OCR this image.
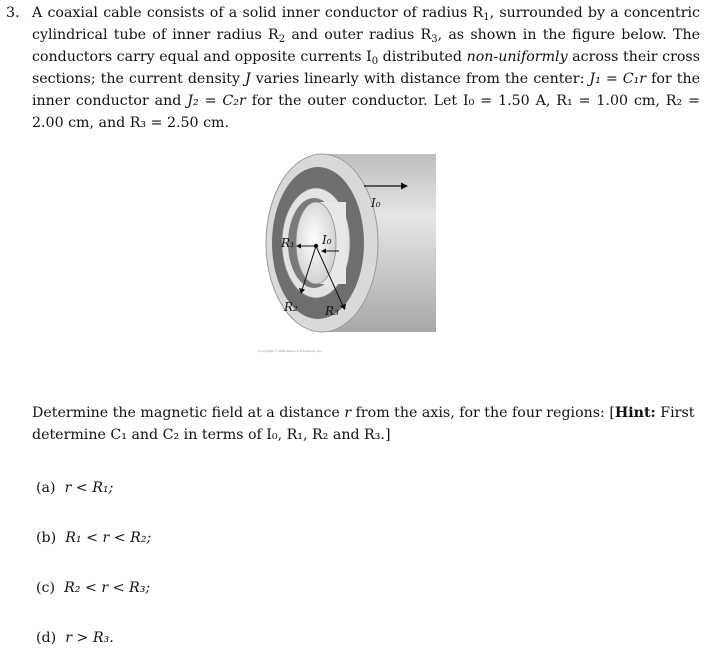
3. A coaxial cable consists of a solid inner conductor of radius $R_1$, surrounded by a concentric cylindrical tube of inner radius $R_2$ and outer radius $R_3$, as shown in the figure below. The conductors carry equal and opposite currents $I_0$ distributed non-uniformly across their cross sections; the current density J varies linearly with distance from the center: J₁ = C₁r for the inner conductor and J₂ = C₂r for the outer conductor. Let I₀ = 1.50 A, R₁ = 1.00 cm, R₂ = 2.00 cm, and R₃ = 2.50 cm.
I₀
I₀
R₁
R₂ R₃
Copyright © 2004 Pearson Education, Inc.
Determine the magnetic field at a distance r from the axis, for the four regions: [Hint: First determine C₁ and C₂ in terms of I₀, R₁, R₂ and R₃.]
(a) r < R₁;
(b) R₁ < r < R₂;
(c) R₂ < r < R₃;
(d) r > R₃.
